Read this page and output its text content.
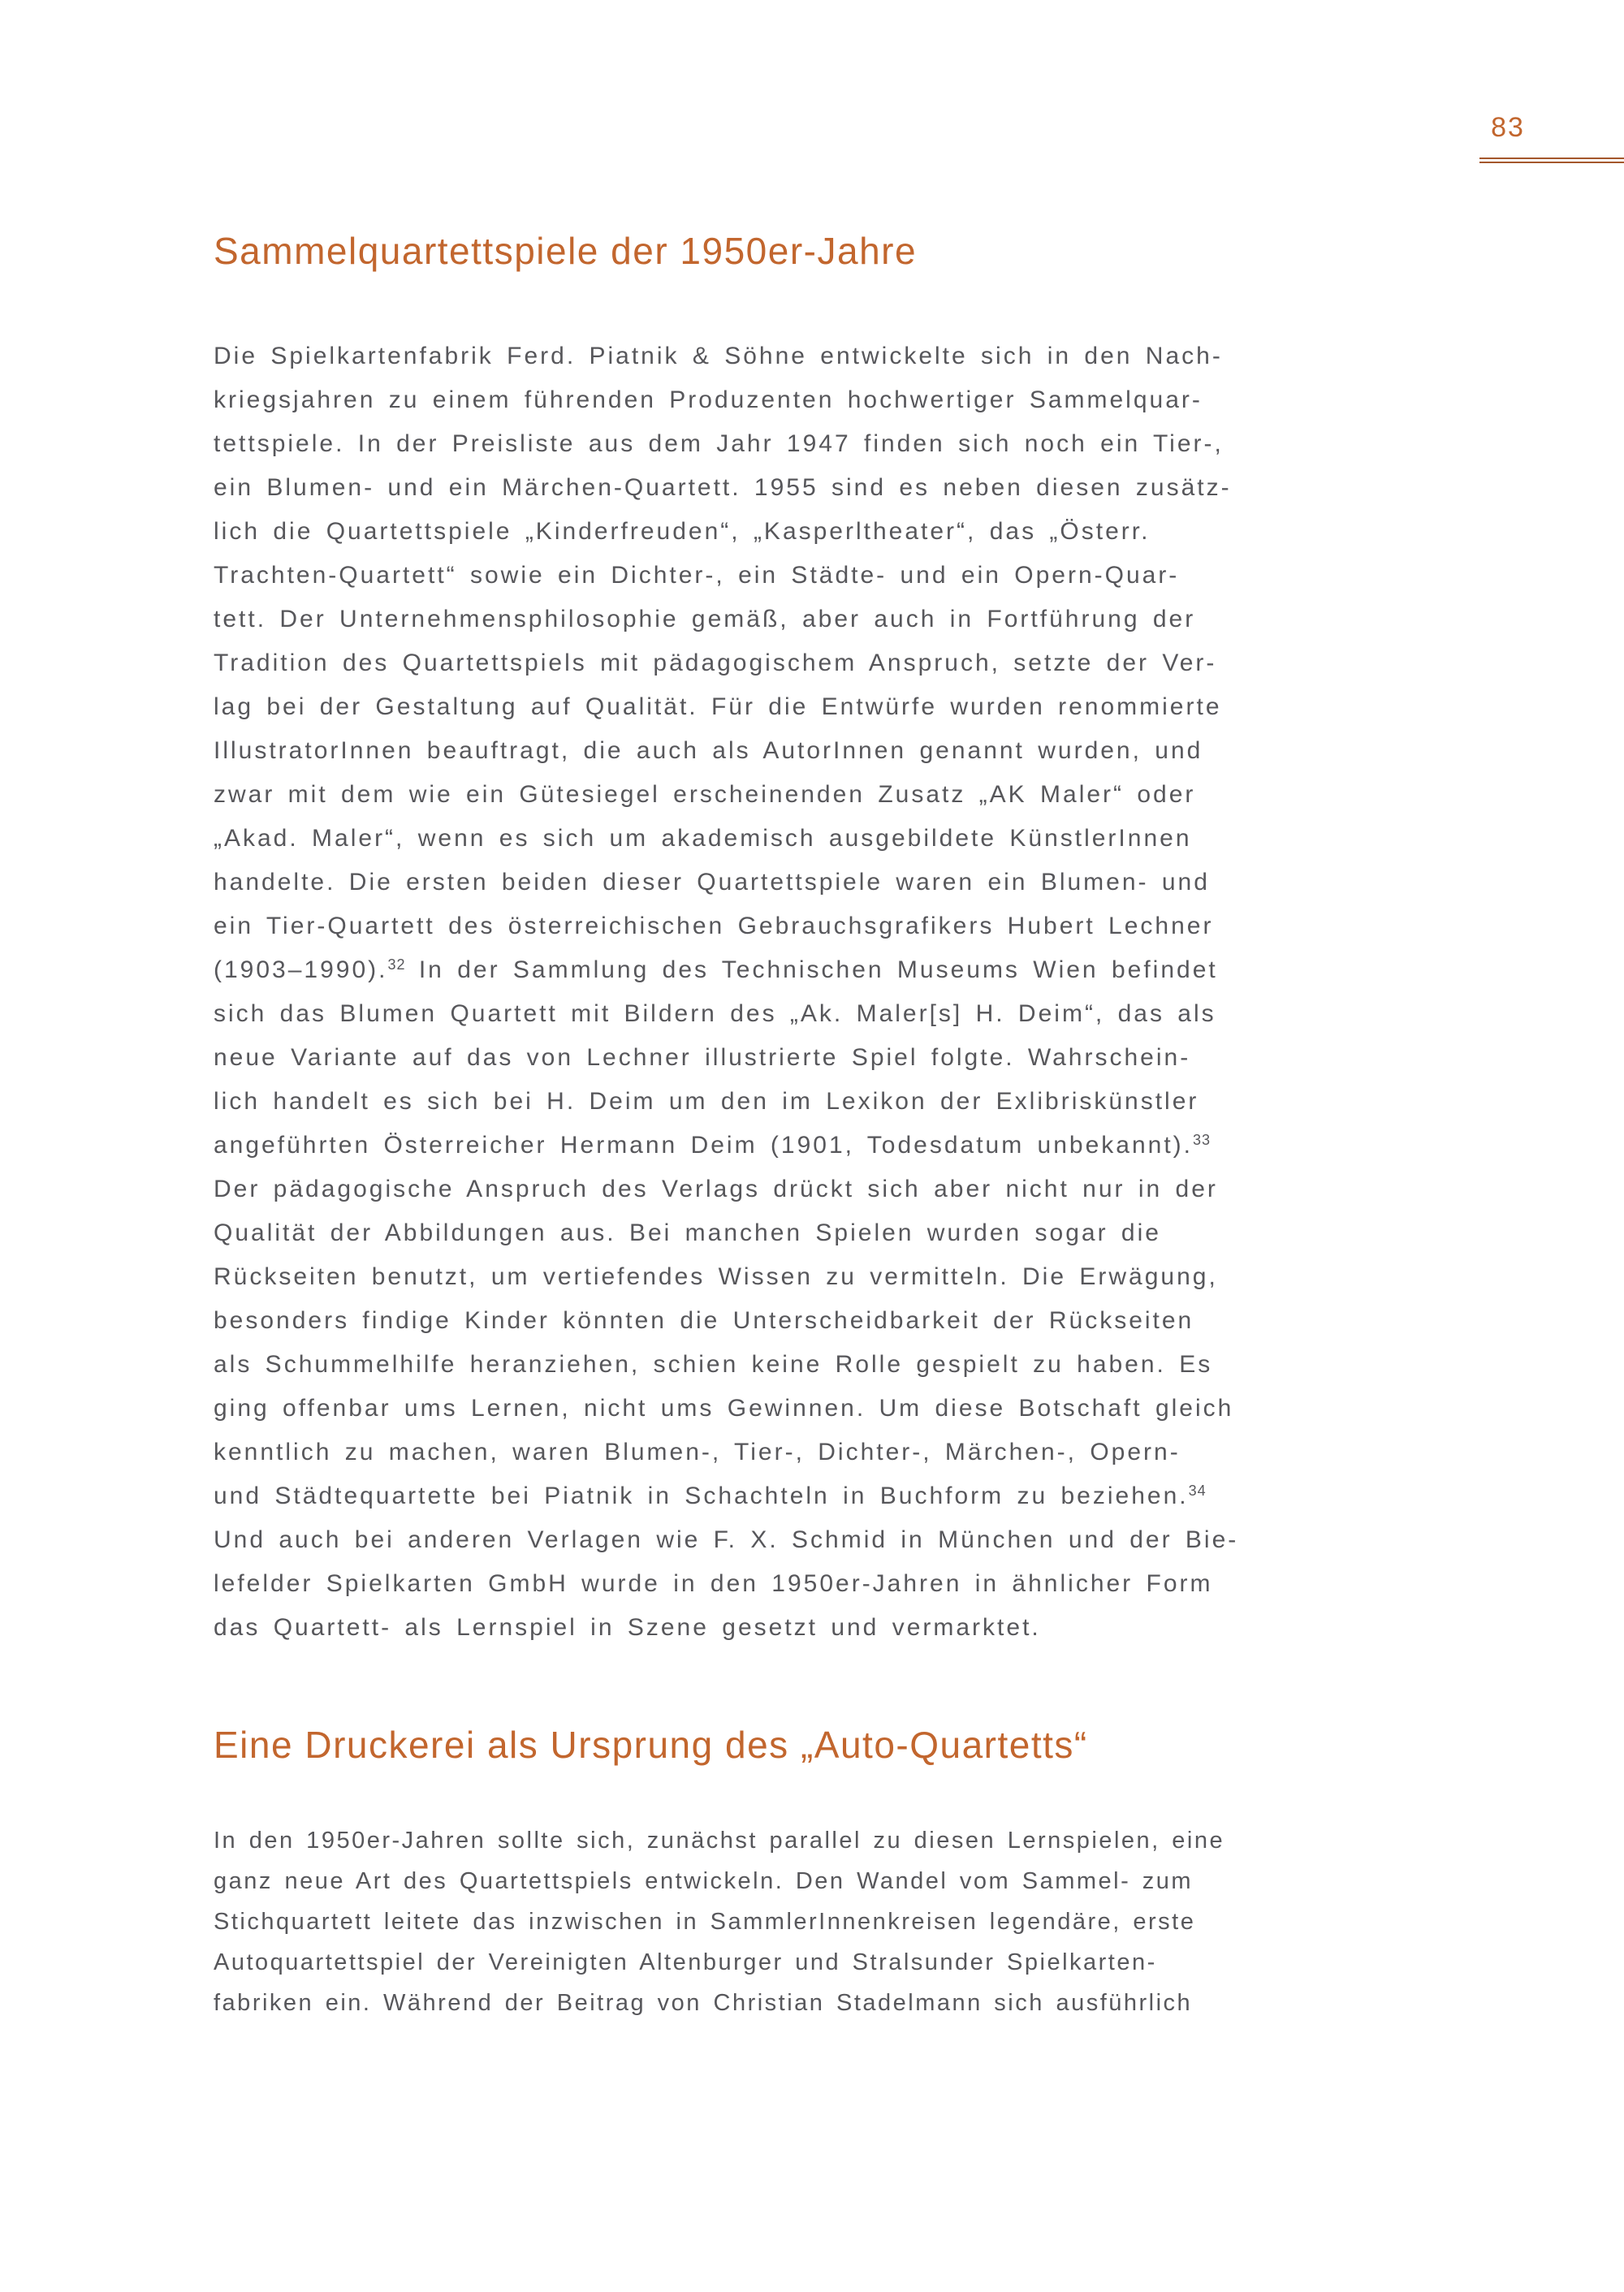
83
Sammelquartettspiele der 1950er-Jahre
Die Spielkartenfabrik Ferd. Piatnik & Söhne entwickelte sich in den Nach-
kriegsjahren zu einem führenden Produzenten hochwertiger Sammelquar-
tettspiele. In der Preisliste aus dem Jahr 1947 finden sich noch ein Tier-,
ein Blumen- und ein Märchen-Quartett. 1955 sind es neben diesen zusätz-
lich die Quartettspiele „Kinderfreuden“, „Kasperltheater“, das „Österr.
Trachten-Quartett“ sowie ein Dichter-, ein Städte- und ein Opern-Quar-
tett. Der Unternehmensphilosophie gemäß, aber auch in Fortführung der
Tradition des Quartettspiels mit pädagogischem Anspruch, setzte der Ver-
lag bei der Gestaltung auf Qualität. Für die Entwürfe wurden renommierte
IllustratorInnen beauftragt, die auch als AutorInnen genannt wurden, und
zwar mit dem wie ein Gütesiegel erscheinenden Zusatz „AK Maler“ oder
„Akad. Maler“, wenn es sich um akademisch ausgebildete KünstlerInnen
handelte. Die ersten beiden dieser Quartettspiele waren ein Blumen- und
ein Tier-Quartett des österreichischen Gebrauchsgrafikers Hubert Lechner
(1903–1990).$^{32}$ In der Sammlung des Technischen Museums Wien befindet
sich das Blumen Quartett mit Bildern des „Ak. Maler[s] H. Deim“, das als
neue Variante auf das von Lechner illustrierte Spiel folgte. Wahrschein-
lich handelt es sich bei H. Deim um den im Lexikon der Exlibriskünstler
angeführten Österreicher Hermann Deim (1901, Todesdatum unbekannt).$^{33}$
Der pädagogische Anspruch des Verlags drückt sich aber nicht nur in der
Qualität der Abbildungen aus. Bei manchen Spielen wurden sogar die
Rückseiten benutzt, um vertiefendes Wissen zu vermitteln. Die Erwägung,
besonders findige Kinder könnten die Unterscheidbarkeit der Rückseiten
als Schummelhilfe heranziehen, schien keine Rolle gespielt zu haben. Es
ging offenbar ums Lernen, nicht ums Gewinnen. Um diese Botschaft gleich
kenntlich zu machen, waren Blumen-, Tier-, Dichter-, Märchen-, Opern-
und Städtequartette bei Piatnik in Schachteln in Buchform zu beziehen.$^{34}$
Und auch bei anderen Verlagen wie F. X. Schmid in München und der Bie-
lefelder Spielkarten GmbH wurde in den 1950er-Jahren in ähnlicher Form
das Quartett- als Lernspiel in Szene gesetzt und vermarktet.
Eine Druckerei als Ursprung des „Auto-Quartetts“
In den 1950er-Jahren sollte sich, zunächst parallel zu diesen Lernspielen, eine
ganz neue Art des Quartettspiels entwickeln. Den Wandel vom Sammel- zum
Stichquartett leitete das inzwischen in SammlerInnenkreisen legendäre, erste
Autoquartettspiel der Vereinigten Altenburger und Stralsunder Spielkarten-
fabriken ein. Während der Beitrag von Christian Stadelmann sich ausführlich
